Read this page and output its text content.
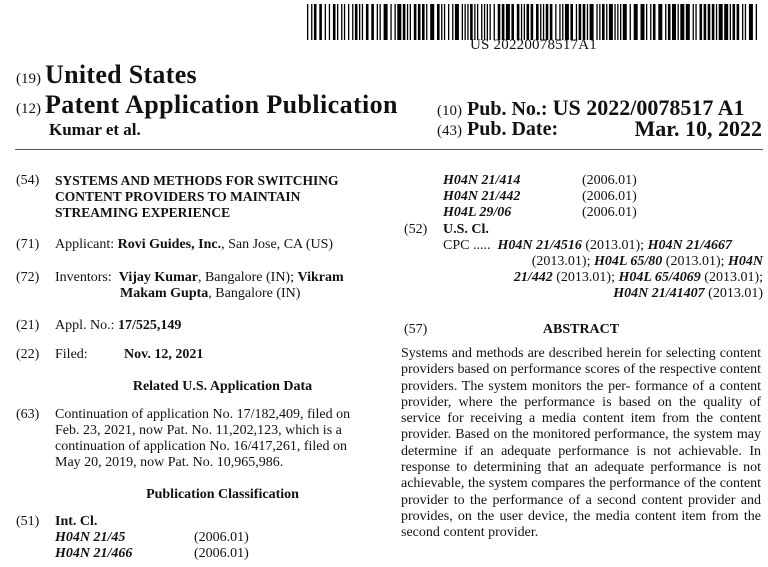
US 20220078517A1
(19) United States
(12) Patent Application Publication
Kumar et al.
(10) Pub. No.: US 2022/0078517 A1
(43) Pub. Date:	Mar. 10, 2022
(54) SYSTEMS AND METHODS FOR SWITCHING
CONTENT PROVIDERS TO MAINTAIN
STREAMING EXPERIENCE
(71) Applicant: Rovi Guides, Inc., San Jose, CA (US)
(72) Inventors: Vijay Kumar, Bangalore (IN); Vikram
Makam Gupta, Bangalore (IN)
(21) Appl. No.: 17/525,149
(22) Filed:	Nov. 12, 2021
Related U.S. Application Data
(63) Continuation of application No. 17/182,409, filed on
Feb. 23, 2021, now Pat. No. 11,202,123, which is a
continuation of application No. 16/417,261, filed on
May 20, 2019, now Pat. No. 10,965,986.
Publication Classification
(51) Int. Cl.
H04N 21/45	(2006.01)
H04N 21/466	(2006.01)
H04N 21/414	(2006.01)
H04N 21/442	(2006.01)
H04L 29/06	(2006.01)
(52) U.S. Cl.
CPC ..... H04N 21/4516 (2013.01); H04N 21/4667
(2013.01); H04L 65/80 (2013.01); H04N
21/442 (2013.01); H04L 65/4069 (2013.01);
H04N 21/41407 (2013.01)
(57)	ABSTRACT
Systems and methods are described herein for selecting content providers based on performance scores of the respective content providers. The system monitors the per- formance of a content provider, where the performance is based on the quality of service for receiving a media content item from the content provider. Based on the monitored performance, the system may determine if an adequate performance is not achievable. In response to determining that an adequate performance is not achievable, the system compares the performance of the content provider to the performance of a second content provider and provides, on the user device, the media content item from the second content provider.
